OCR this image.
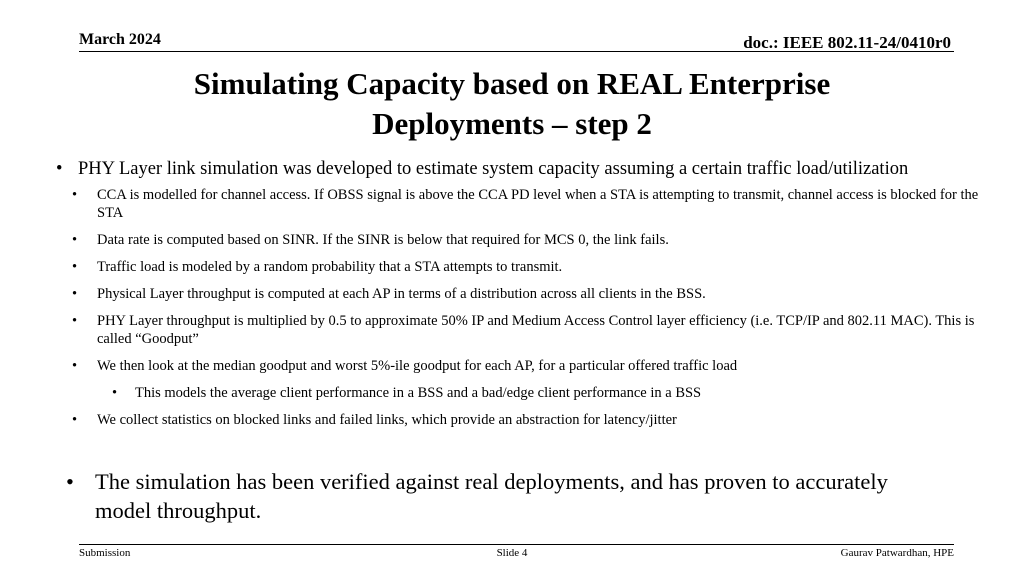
March 2024	doc.: IEEE 802.11-24/0410r0
Simulating Capacity based on REAL Enterprise
Deployments – step 2
• PHY Layer link simulation was developed to estimate system capacity assuming a certain traffic load/utilization
• CCA is modelled for channel access. If OBSS signal is above the CCA PD level when a STA is attempting to transmit, channel access is blocked for the STA
• Data rate is computed based on SINR. If the SINR is below that required for MCS 0, the link fails.
• Traffic load is modeled by a random probability that a STA attempts to transmit.
• Physical Layer throughput is computed at each AP in terms of a distribution across all clients in the BSS.
• PHY Layer throughput is multiplied by 0.5 to approximate 50% IP and Medium Access Control layer efficiency (i.e. TCP/IP and 802.11 MAC). This is called “Goodput”
• We then look at the median goodput and worst 5%-ile goodput for each AP, for a particular offered traffic load
• This models the average client performance in a BSS and a bad/edge client performance in a BSS
• We collect statistics on blocked links and failed links, which provide an abstraction for latency/jitter
• The simulation has been verified against real deployments, and has proven to accurately model throughput.
Submission	Slide 4	Gaurav Patwardhan, HPE
